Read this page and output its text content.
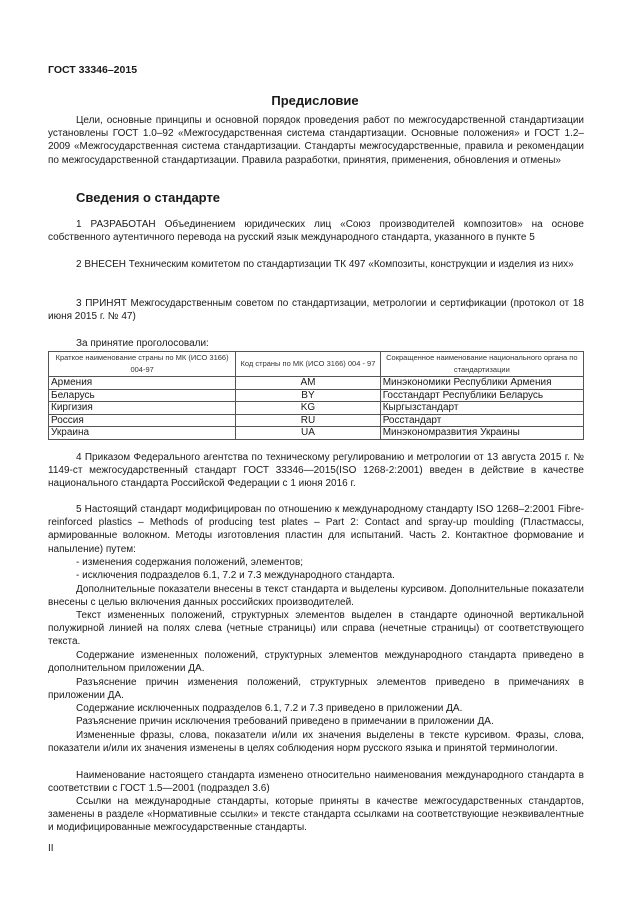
ГОСТ 33346–2015
Предисловие

Цели, основные принципы и основной порядок проведения работ по межгосударственной стандартизации установлены ГОСТ 1.0–92 «Межгосударственная система стандартизации. Основные положения» и ГОСТ 1.2–2009 «Межгосударственная система стандартизации. Стандарты межгосударственные, правила и рекомендации по межгосударственной стандартизации. Правила разработки, принятия, применения, обновления и отмены»

Сведения о стандарте

1 РАЗРАБОТАН Объединением юридических лиц «Союз производителей композитов» на основе собственного аутентичного перевода на русский язык международного стандарта, указанного в пункте 5

2 ВНЕСЕН Техническим комитетом по стандартизации ТК 497 «Композиты, конструкции и изделия из них»

3 ПРИНЯТ Межгосударственным советом по стандартизации, метрологии и сертификации (протокол от 18 июня 2015 г. № 47)

За принятие проголосовали:

Краткое наименование страны по МК (ИСО 3166) 004-97	Код страны по МК (ИСО 3166) 004 - 97	Сокращенное наименование национального органа по стандартизации
Армения	AM	Минэкономики Республики Армения
Беларусь	BY	Госстандарт Республики Беларусь
Киргизия	KG	Кыргызстандарт
Россия	RU	Росстандарт
Украина	UA	Минэкономразвития Украины

4 Приказом Федерального агентства по техническому регулированию и метрологии от 13 августа 2015 г. № 1149-ст межгосударственный стандарт ГОСТ 33346—2015(ISO 1268-2:2001) введен в действие в качестве национального стандарта Российской Федерации с 1 июня 2016 г.

5 Настоящий стандарт модифицирован по отношению к международному стандарту ISO 1268–2:2001 Fibre-reinforced plastics – Methods of producing test plates – Part 2: Contact and spray-up moulding (Пластмассы, армированные волокном. Методы изготовления пластин для испытаний. Часть 2. Контактное формование и напыление) путем:

- изменения содержания положений, элементов;

- исключения подразделов 6.1, 7.2 и 7.3 международного стандарта.

Дополнительные показатели внесены в текст стандарта и выделены курсивом. Дополнительные показатели внесены с целью включения данных российских производителей.

Текст измененных положений, структурных элементов выделен в стандарте одиночной вертикальной полужирной линией на полях слева (четные страницы) или справа (нечетные страницы) от соответствующего текста.

Содержание измененных положений, структурных элементов международного стандарта приведено в дополнительном приложении ДА.

Разъяснение причин изменения положений, структурных элементов приведено в примечаниях в приложении ДА.

Содержание исключенных подразделов 6.1, 7.2 и 7.3 приведено в приложении ДА.

Разъяснение причин исключения требований приведено в примечании в приложении ДА.

Измененные фразы, слова, показатели и/или их значения выделены в тексте курсивом. Фразы, слова, показатели и/или их значения изменены в целях соблюдения норм русского языка и принятой терминологии.

Наименование настоящего стандарта изменено относительно наименования международного стандарта в соответствии с ГОСТ 1.5—2001 (подраздел 3.6)

Ссылки на международные стандарты, которые приняты в качестве межгосударственных стандартов, заменены в разделе «Нормативные ссылки» и тексте стандарта ссылками на соответствующие неэквивалентные и модифицированные межгосударственные стандарты.

II
